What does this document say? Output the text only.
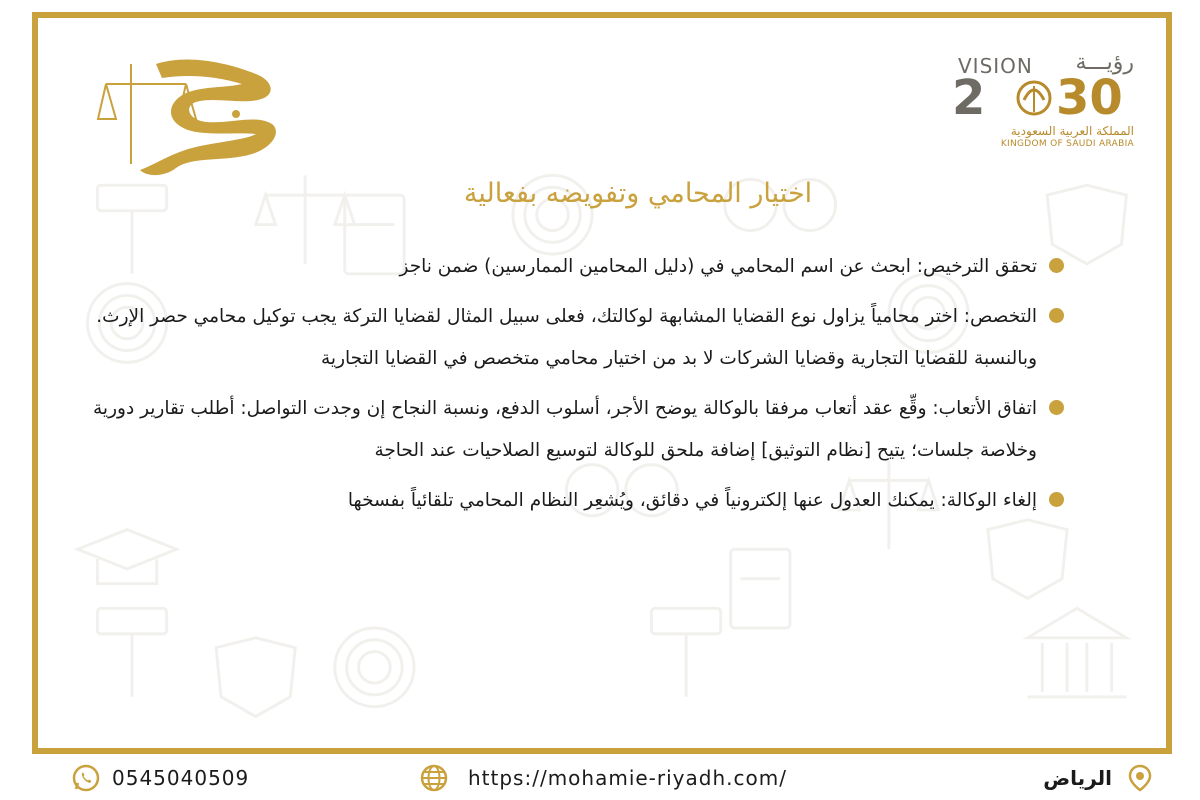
VISION رؤيـــة
2 30
المملكة العربية السعودية
KINGDOM OF SAUDI ARABIA
اختيار المحامي وتفويضه بفعالية
تحقق الترخيص: ابحث عن اسم المحامي في (دليل المحامين الممارسين) ضمن ناجز
التخصص: اختر محامياً يزاول نوع القضايا المشابهة لوكالتك، فعلى سبيل المثال لقضايا التركة يجب توكيل محامي حصر الإرث. وبالنسبة للقضايا التجارية وقضايا الشركات لا بد من اختيار محامي متخصص في القضايا التجارية
اتفاق الأتعاب: وقِّع عقد أتعاب مرفقا بالوكالة يوضح الأجر، أسلوب الدفع، ونسبة النجاح إن وجدت التواصل: أطلب تقارير دورية وخلاصة جلسات؛ يتيح [نظام التوثيق] إضافة ملحق للوكالة لتوسيع الصلاحيات عند الحاجة
إلغاء الوكالة: يمكنك العدول عنها إلكترونياً في دقائق، ويُشعِر النظام المحامي تلقائياً بفسخها
0545040509	https://mohamie-riyadh.com/	الرياض
